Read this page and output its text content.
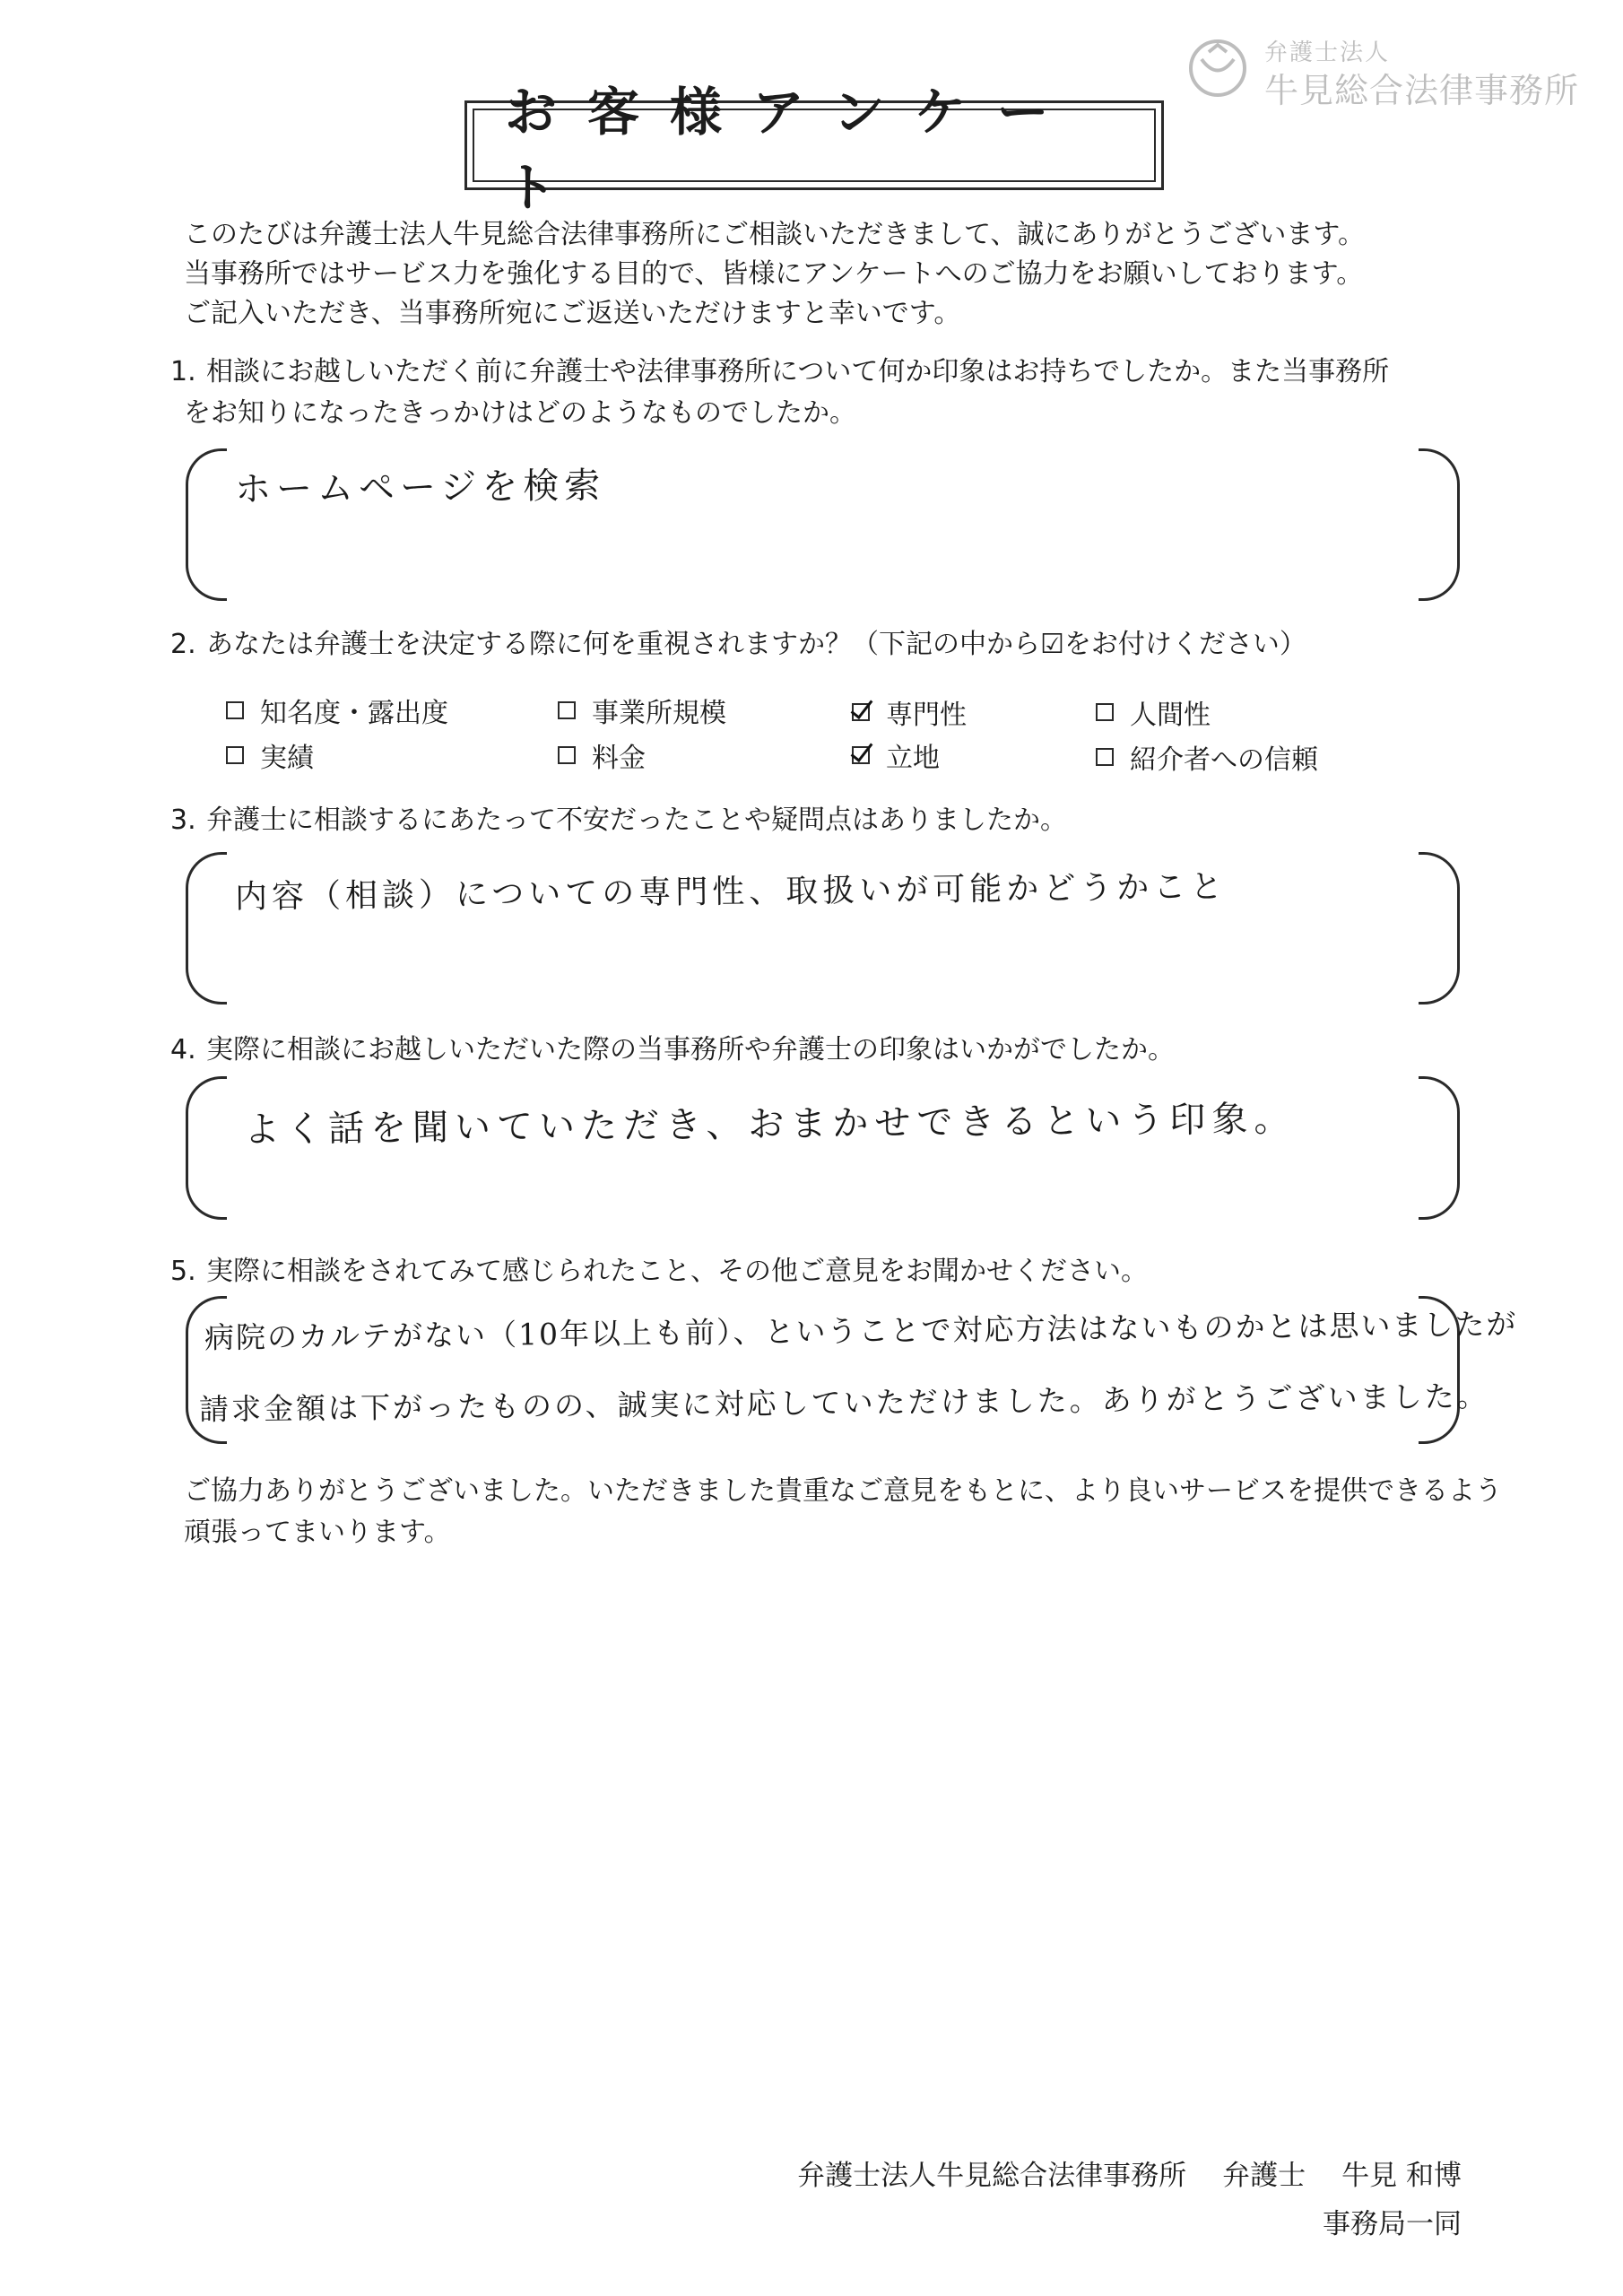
弁護士法人
牛見総合法律事務所
お客様アンケート
このたびは弁護士法人牛見総合法律事務所にご相談いただきまして、誠にありがとうございます。
当事務所ではサービス力を強化する目的で、皆様にアンケートへのご協力をお願いしております。
ご記入いただき、当事務所宛にご返送いただけますと幸いです。
1. 相談にお越しいただく前に弁護士や法律事務所について何か印象はお持ちでしたか。また当事務所
をお知りになったきっかけはどのようなものでしたか。
ホームページを検索
2. あなたは弁護士を決定する際に何を重視されますか？（下記の中から☑をお付けください）
知名度・露出度	事業所規模	専門性	人間性
実績	料金	立地	紹介者への信頼
3. 弁護士に相談するにあたって不安だったことや疑問点はありましたか。
内容（相談）についての専門性、取扱いが可能かどうかこと
4. 実際に相談にお越しいただいた際の当事務所や弁護士の印象はいかがでしたか。
よく話を聞いていただき、おまかせできるという印象。
5. 実際に相談をされてみて感じられたこと、その他ご意見をお聞かせください。
病院のカルテがない（10年以上も前）、ということで対応方法はないものかとは思いましたが
請求金額は下がったものの、誠実に対応していただけました。ありがとうございました。
ご協力ありがとうございました。いただきました貴重なご意見をもとに、より良いサービスを提供できるよう
頑張ってまいります。
弁護士法人牛見総合法律事務所 弁護士 牛見 和博
事務局一同
